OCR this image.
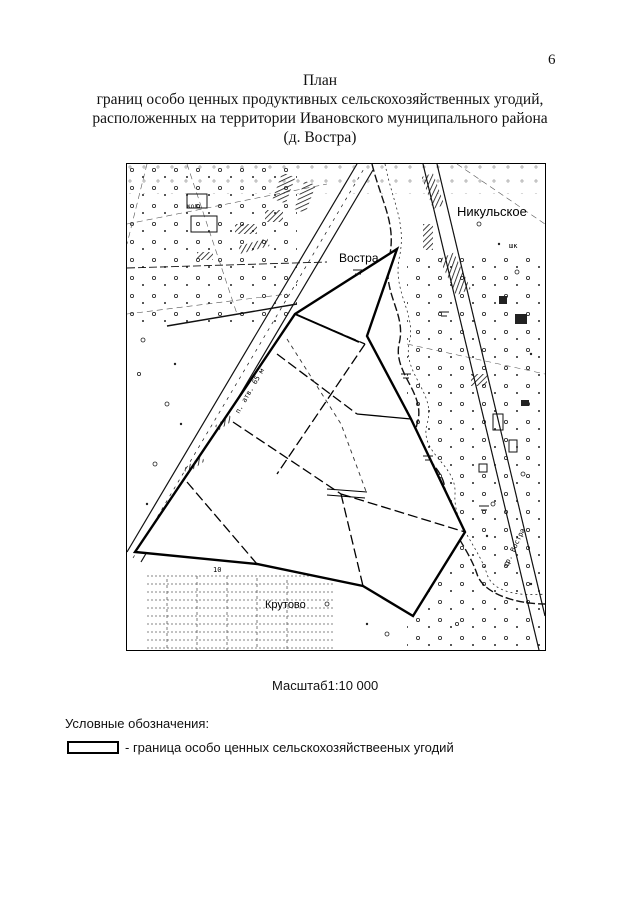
6
План
границ особо ценных продуктивных сельскохозяйственных угодий,
расположенных на территории Ивановского муниципального района
(д. Вострa)
Востра
Никульское
Крутово
п. атв. 65 м
р. Вострa
10
шк
кол.
Масштаб1:10 000
Условные обозначения:
- граница особо ценных сельскохозяйствееных угодий
